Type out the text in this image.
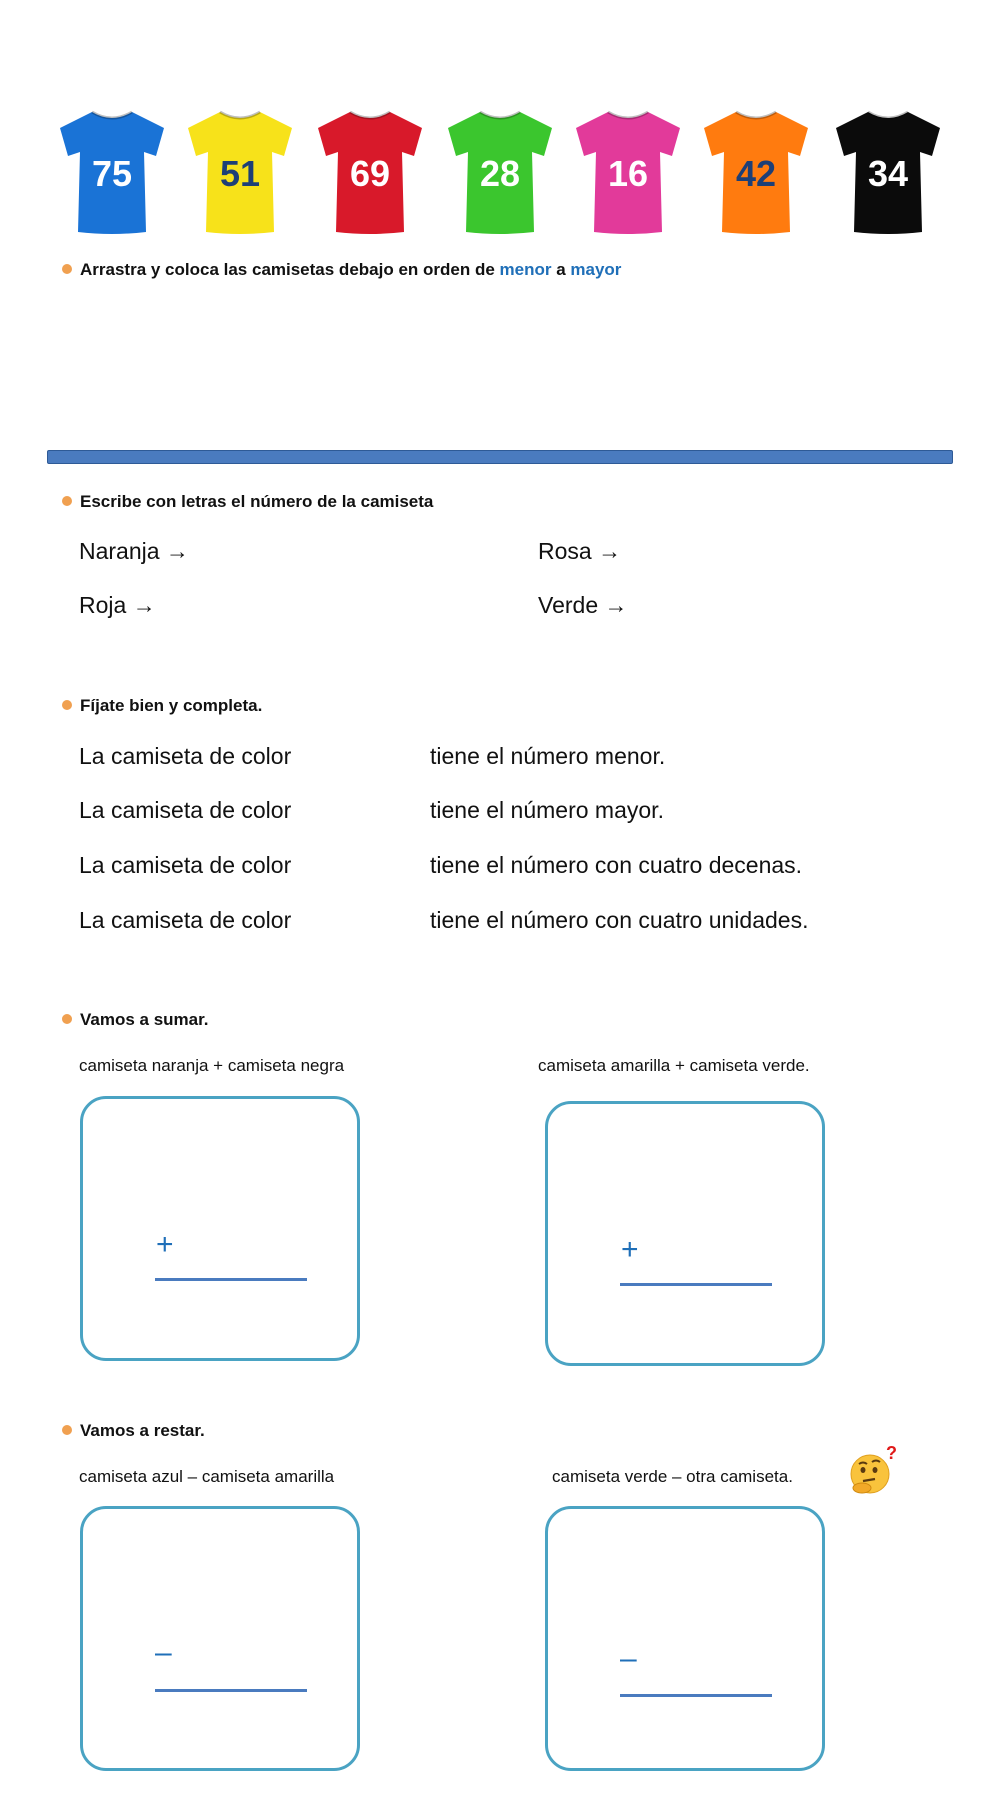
75 51 69 28 16 42	34
Arrastra y coloca las camisetas debajo en orden de menor a mayor
Escribe con letras el número de la camiseta
Naranja →	Rosa →
Roja →	Verde →
Fíjate bien y completa.
La camiseta de color	tiene el número menor.
La camiseta de color	tiene el número mayor.
La camiseta de color	tiene el número con cuatro decenas.
La camiseta de color	tiene el número con cuatro unidades.
Vamos a sumar.
camiseta naranja + camiseta negra	camiseta amarilla + camiseta verde.
+	+
Vamos a restar.
camiseta azul – camiseta amarilla	camiseta verde – otra camiseta.
?
–	–
